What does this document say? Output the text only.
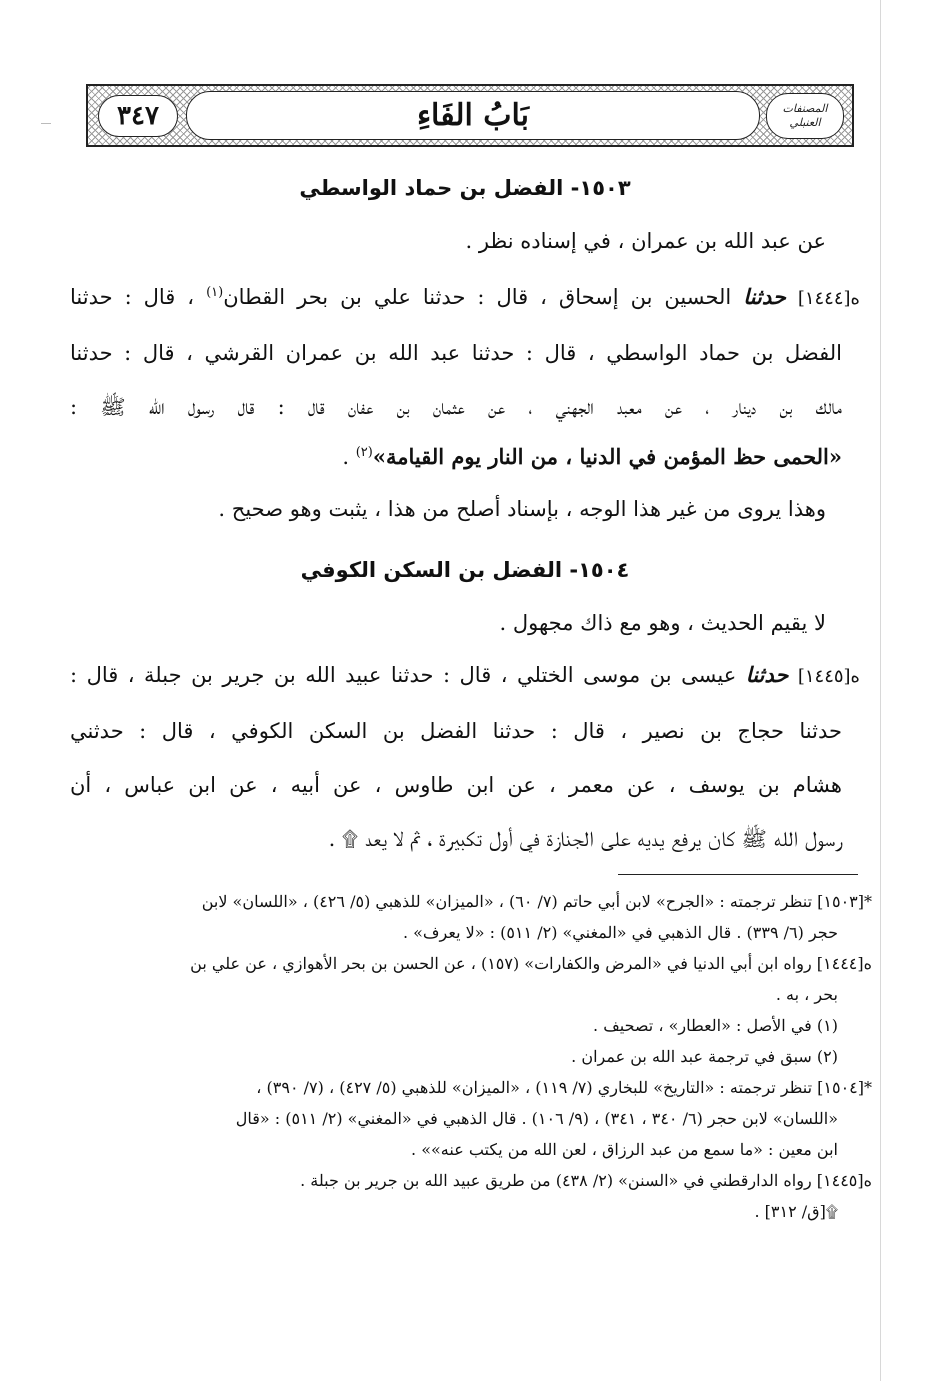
٣٤٧	بَابُ الفَاءِ	المصنفات
العنبلي

١٥٠٣- الفضل بن حماد الواسطي

عن عبد الله بن عمران ، في إسناده نظر .

ه[١٤٤٤] حدثنا الحسين بن إسحاق ، قال : حدثنا علي بن بحر القطان$^{(١)}$ ، قال : حدثنا

الفضل بن حماد الواسطي ، قال : حدثنا عبد الله بن عمران القرشي ، قال : حدثنا

مالك بن دينار ، عن معبد الجهني ، عن عثمان بن عفان قال : قال رسول الله ﷺ :

«الحمى حظ المؤمن في الدنيا ، من النار يوم القيامة»$^{(٢)}$ .

وهذا يروى من غير هذا الوجه ، بإسناد أصلح من هذا ، يثبت وهو صحيح .

١٥٠٤- الفضل بن السكن الكوفي

لا يقيم الحديث ، وهو مع ذاك مجهول .

ه[١٤٤٥] حدثنا عيسى بن موسى الختلي ، قال : حدثنا عبيد الله بن جرير بن جبلة ، قال :

حدثنا حجاج بن نصير ، قال : حدثنا الفضل بن السكن الكوفي ، قال : حدثني

هشام بن يوسف ، عن معمر ، عن ابن طاوس ، عن أبيه ، عن ابن عباس ، أن

رسول الله ﷺ كان يرفع يديه على الجنازة في أول تكبيرة ، ثم لا يعد ۩ .

*[١٥٠٣] تنظر ترجمته : «الجرح» لابن أبي حاتم (٧/ ٦٠) ، «الميزان» للذهبي (٥/ ٤٢٦) ، «اللسان» لابن

حجر (٦/ ٣٣٩) . قال الذهبي في «المغني» (٢/ ٥١١) : «لا يعرف» .

ه[١٤٤٤] رواه ابن أبي الدنيا في «المرض والكفارات» (١٥٧) ، عن الحسن بن بحر الأهوازي ، عن علي بن

بحر ، به .

(١) في الأصل : «العطار» ، تصحيف .

(٢) سبق في ترجمة عبد الله بن عمران .

*[١٥٠٤] تنظر ترجمته : «التاريخ» للبخاري (٧/ ١١٩) ، «الميزان» للذهبي (٥/ ٤٢٧) ، (٧/ ٣٩٠) ،

«اللسان» لابن حجر (٦/ ٣٤٠ ، ٣٤١) ، (٩/ ١٠٦) . قال الذهبي في «المغني» (٢/ ٥١١) : «قال

ابن معين : «ما سمع من عبد الرزاق ، لعن الله من يكتب عنه»» .

ه[١٤٤٥] رواه الدارقطني في «السنن» (٢/ ٤٣٨) من طريق عبيد الله بن جرير بن جبلة .

۩[ق/ ٣١٢] .
